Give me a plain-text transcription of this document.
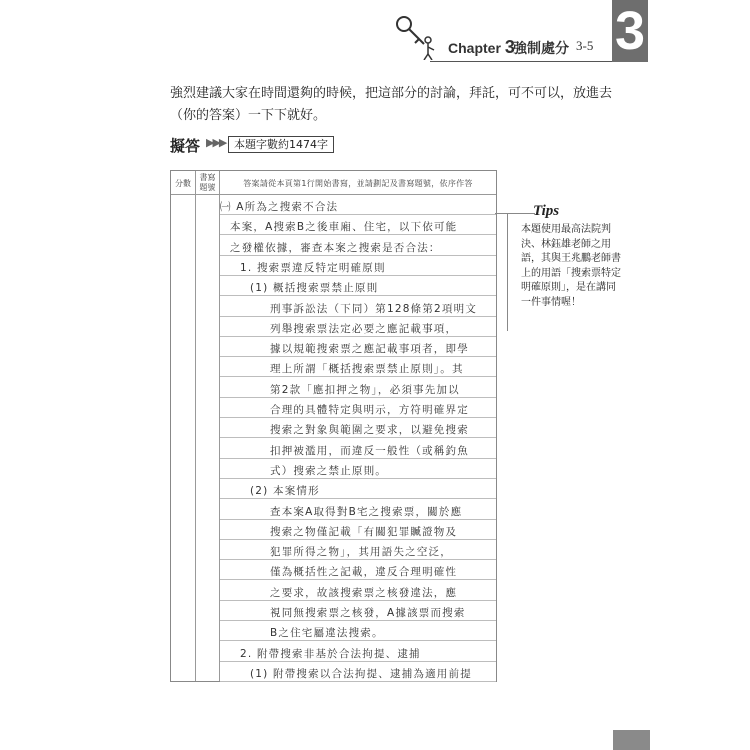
Chapter 3
強制處分 3-5 3
強烈建議大家在時間還夠的時候，把這部分的討論，拜託，可不可以，放進去（你的答案）一下下就好。
擬答 ▶▶▶ 本題字數約1474字
分數
書寫題號	答案請從本頁第1行開始書寫，並請劃記及書寫題號，依序作答
㈠ A所為之搜索不合法
本案，A搜索B之後車廂、住宅，以下依可能
之發權依據，審查本案之搜索是否合法：
1. 搜索票違反特定明確原則
(1) 概括搜索票禁止原則
刑事訴訟法（下同）第128條第2項明文
列舉搜索票法定必要之應記載事項，
據以規範搜索票之應記載事項者，即學
理上所謂「概括搜索票禁止原則」。其
第2款「應扣押之物」，必須事先加以
合理的具體特定與明示，方符明確界定
搜索之對象與範圍之要求，以避免搜索
扣押被濫用，而違反一般性（或稱釣魚
式）搜索之禁止原則。
(2) 本案情形
查本案A取得對B宅之搜索票，關於應
搜索之物僅記載「有關犯罪贓證物及
犯罪所得之物」，其用語失之空泛，
僅為概括性之記載，違反合理明確性
之要求，故該搜索票之核發違法，應
視同無搜索票之核發，A據該票而搜索
B之住宅屬違法搜索。
2. 附帶搜索非基於合法拘提、逮捕
(1) 附帶搜索以合法拘提、逮捕為適用前提
Tips
本題使用最高法院判決、林鈺雄老師之用語，其與王兆鵬老師書上的用語「搜索票特定明確原則」，是在講同一件事情喔！
